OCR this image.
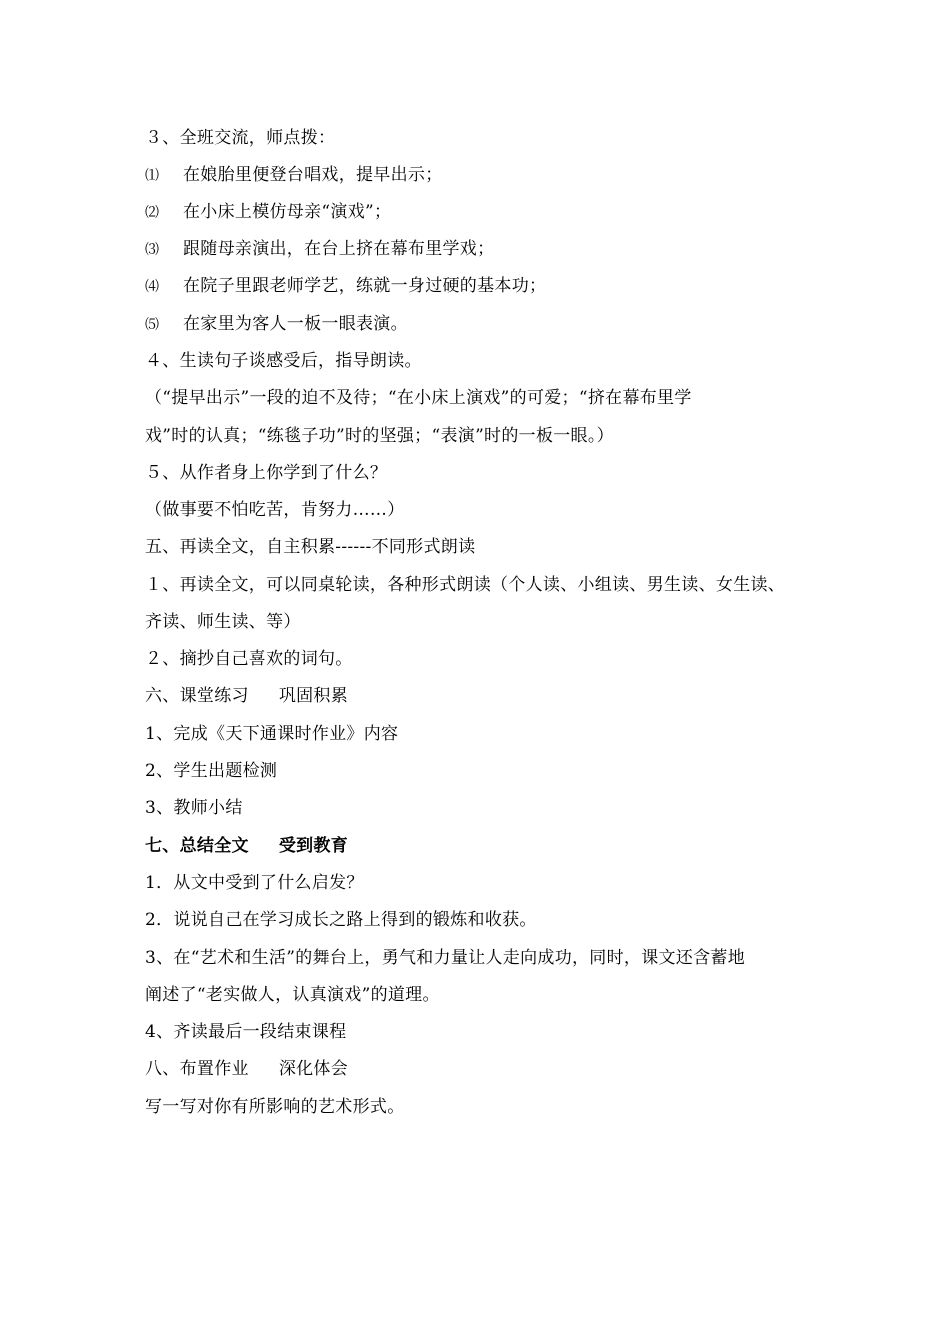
３、全班交流，师点拨：
⑴ 在娘胎里便登台唱戏，提早出示；
⑵ 在小床上模仿母亲“演戏”；
⑶ 跟随母亲演出，在台上挤在幕布里学戏；
⑷ 在院子里跟老师学艺，练就一身过硬的基本功；
⑸ 在家里为客人一板一眼表演。
４、生读句子谈感受后，指导朗读。
（“提早出示”一段的迫不及待；“在小床上演戏”的可爱；“挤在幕布里学
戏”时的认真；“练毯子功”时的坚强；“表演”时的一板一眼。）
５、从作者身上你学到了什么？
（做事要不怕吃苦，肯努力……）
五、再读全文，自主积累------不同形式朗读
１、再读全文，可以同桌轮读，各种形式朗读（个人读、小组读、男生读、女生读、
齐读、师生读、等）
２、摘抄自己喜欢的词句。
六、课堂练习 巩固积累
1、完成《天下通课时作业》内容
2、学生出题检测
3、教师小结
七、总结全文 受到教育
1．从文中受到了什么启发？
2．说说自己在学习成长之路上得到的锻炼和收获。
3、在“艺术和生活”的舞台上，勇气和力量让人走向成功，同时，课文还含蓄地
阐述了“老实做人，认真演戏”的道理。
4、齐读最后一段结束课程
八、布置作业 深化体会
写一写对你有所影响的艺术形式。
